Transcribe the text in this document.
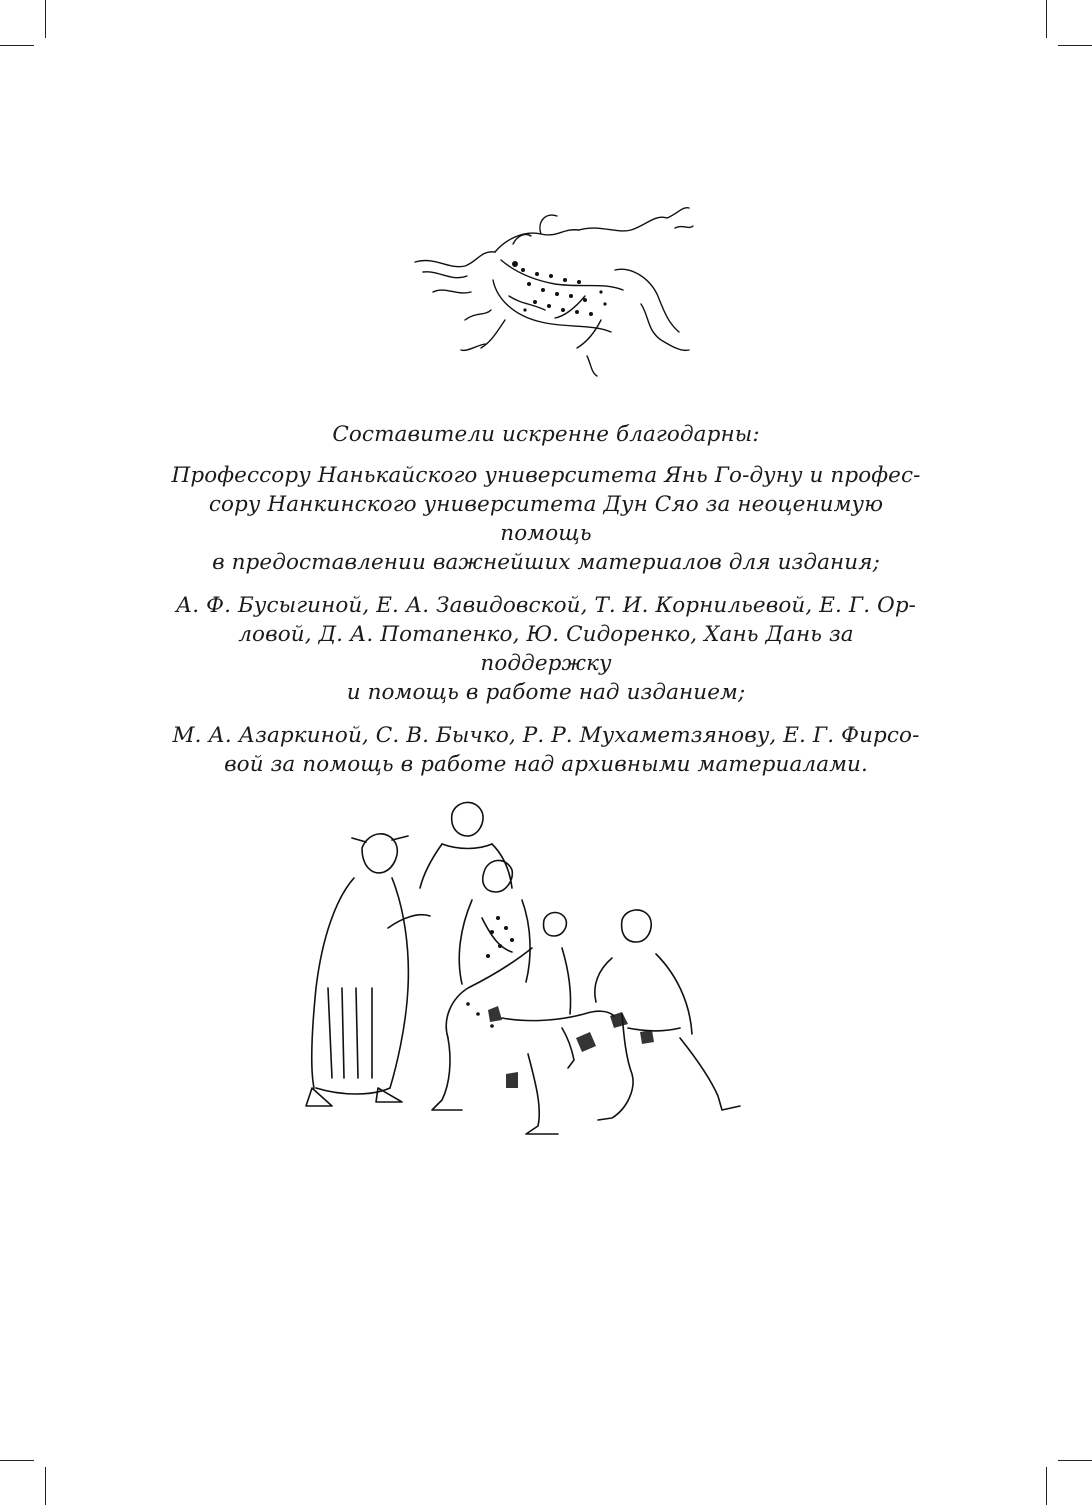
Составители искренне благодарны:

Профессору Нанькайского университета Янь Го-дуну и профес-
сору Нанкинского университета Дун Сяо за неоценимую помощь
в предоставлении важнейших материалов для издания;

А. Ф. Бусыгиной, Е. А. Завидовской, Т. И. Корнильевой, Е. Г. Ор-
ловой, Д. А. Потапенко, Ю. Сидоренко, Хань Дань за поддержку
и помощь в работе над изданием;

М. А. Азаркиной, С. В. Бычко, Р. Р. Мухаметзянову, Е. Г. Фирсо-
вой за помощь в работе над архивными материалами.
